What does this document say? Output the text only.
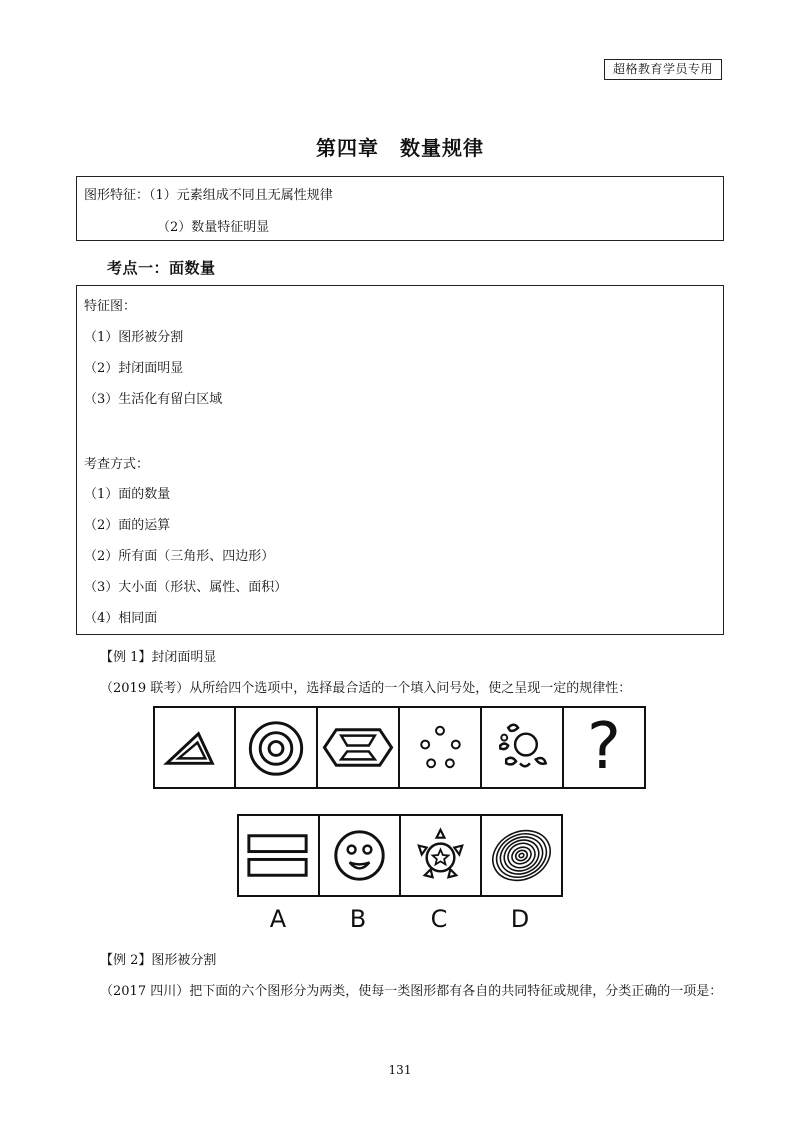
超格教育学员专用
第四章　数量规律
图形特征：（1）元素组成不同且无属性规律
（2）数量特征明显
考点一：面数量
特征图：
（1）图形被分割
（2）封闭面明显
（3）生活化有留白区域
考查方式：
（1）面的数量
（2）面的运算
（2）所有面（三角形、四边形）
（3）大小面（形状、属性、面积）
（4）相同面
【例 1】封闭面明显
（2019 联考）从所给四个选项中，选择最合适的一个填入问号处，使之呈现一定的规律性：
?
A	B	C	D
【例 2】图形被分割
（2017 四川）把下面的六个图形分为两类，使每一类图形都有各自的共同特征或规律，分类正确的一项是：
131
